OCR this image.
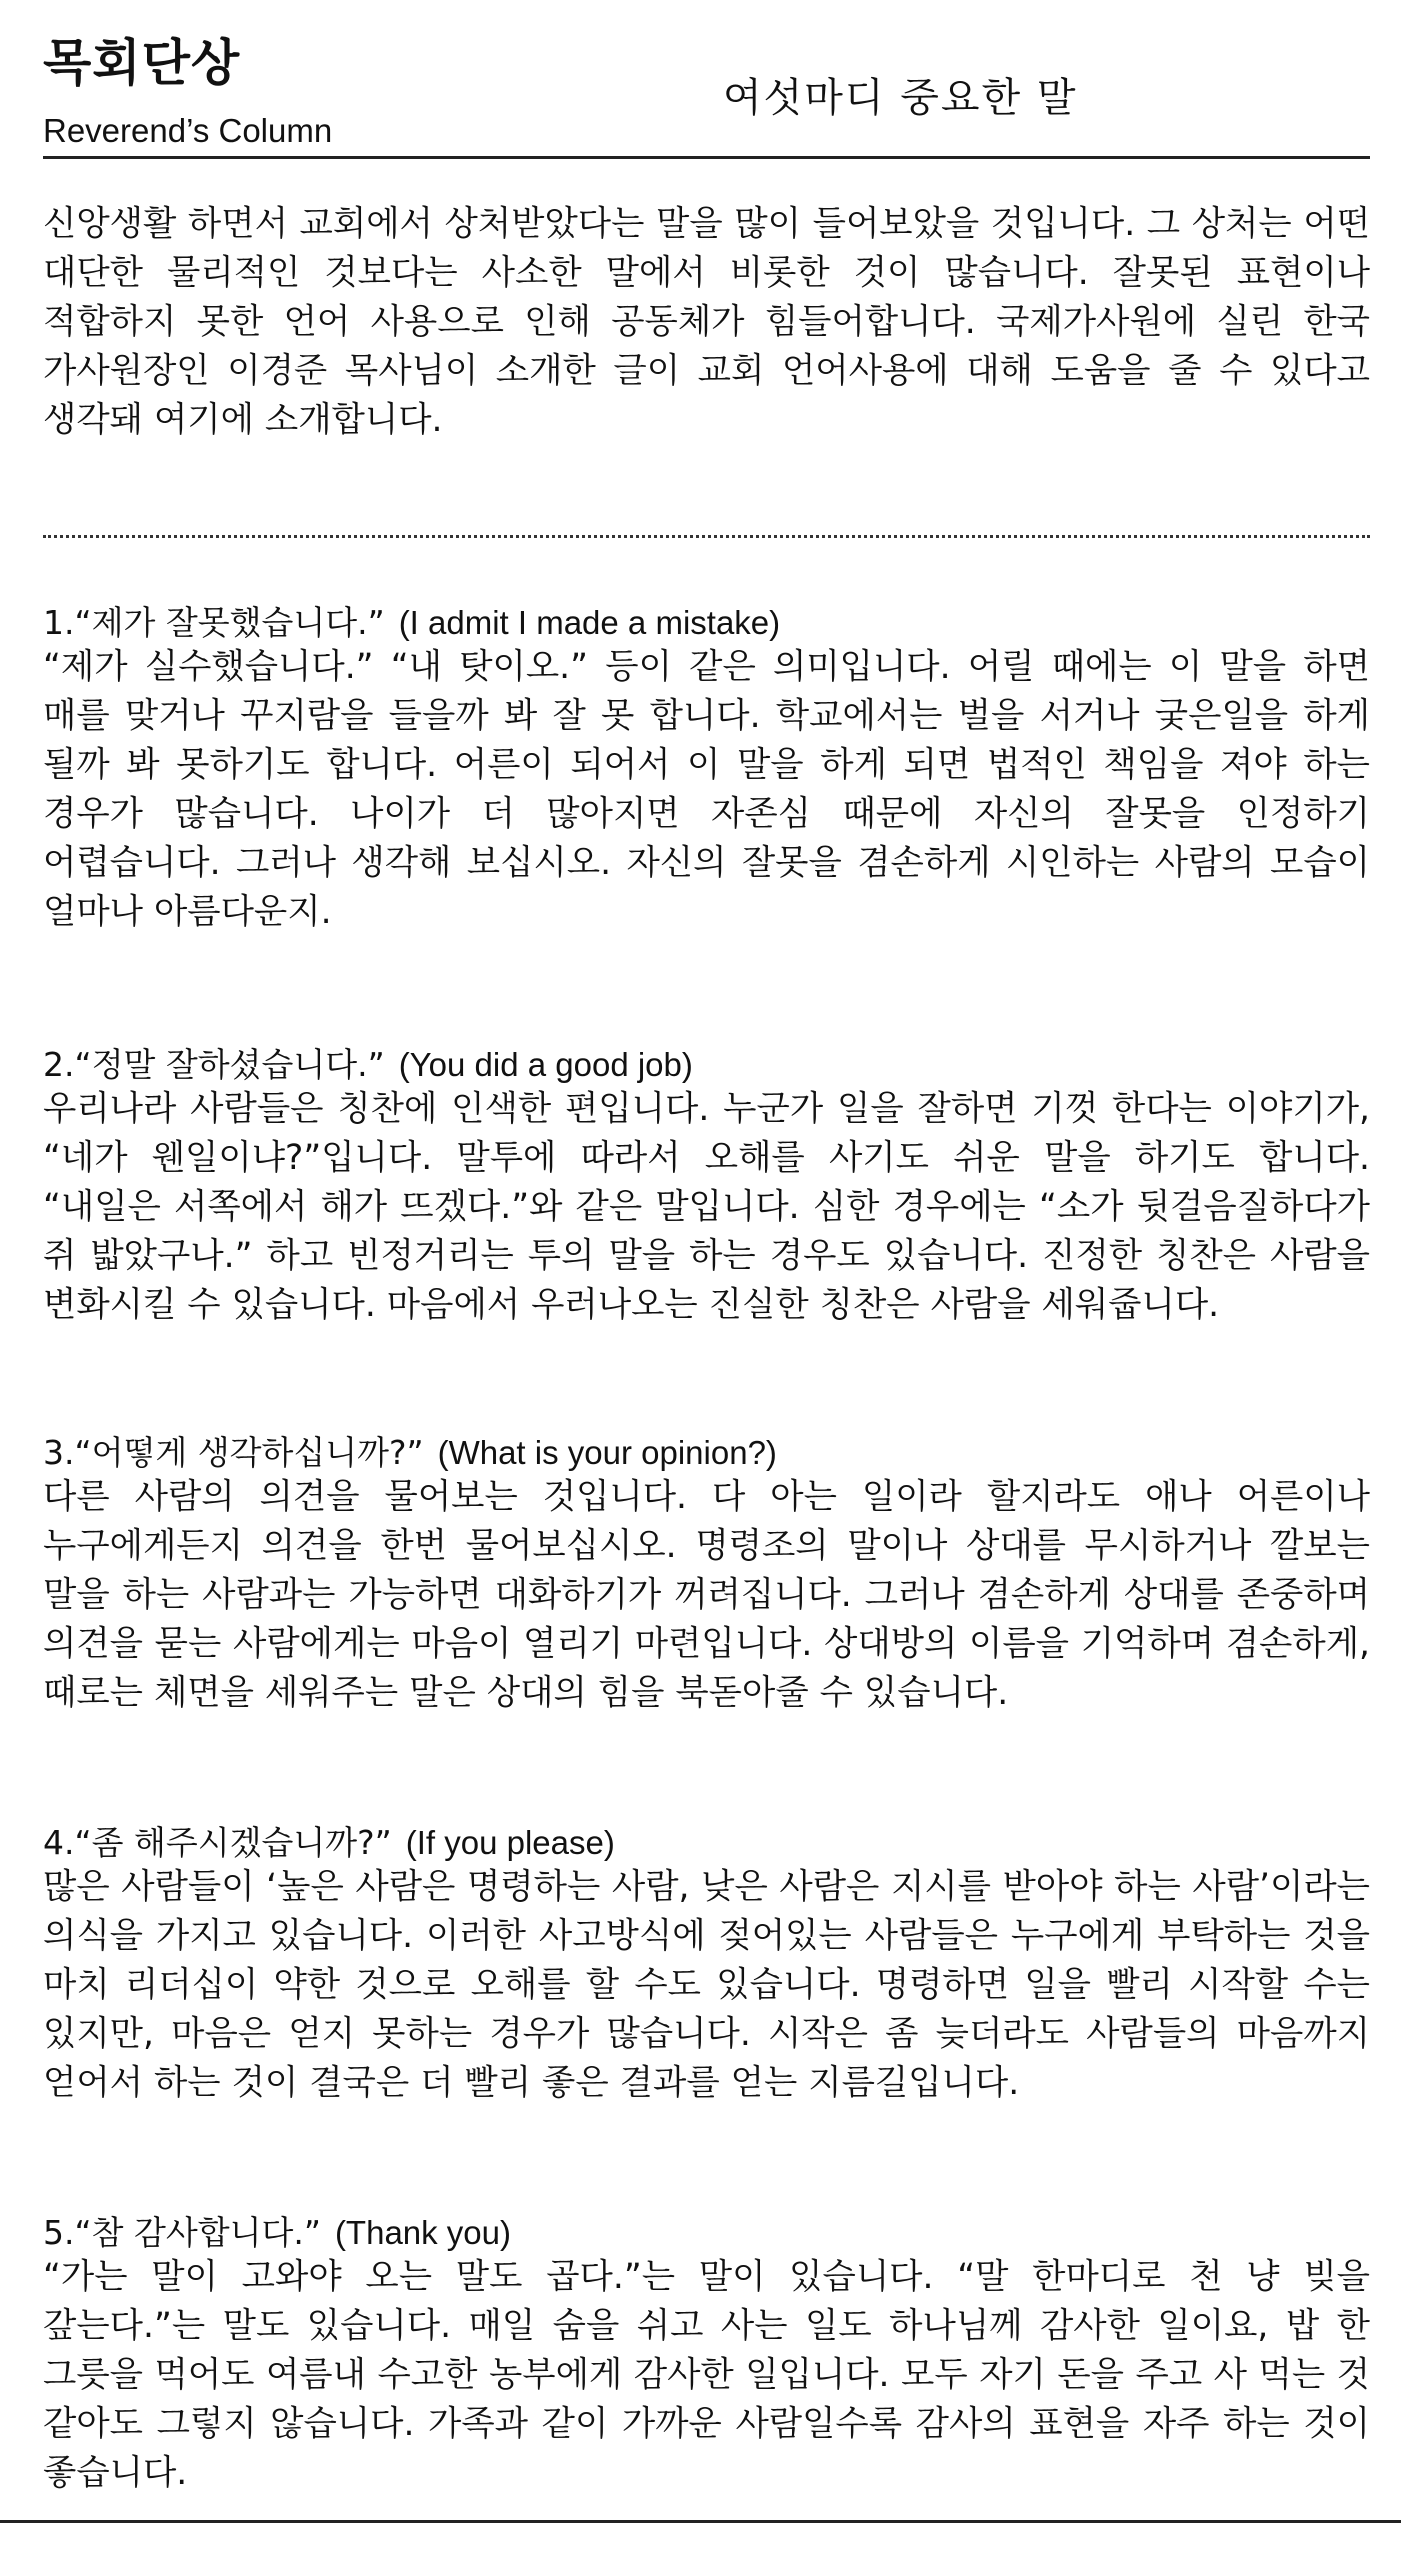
목회단상
Reverend’s Column
여섯마디 중요한 말

신앙생활 하면서 교회에서 상처받았다는 말을 많이 들어보았을 것입니다. 그 상처는 어떤 대단한 물리적인 것보다는 사소한 말에서 비롯한 것이 많습니다. 잘못된 표현이나 적합하지 못한 언어 사용으로 인해 공동체가 힘들어합니다. 국제가사원에 실린 한국 가사원장인 이경준 목사님이 소개한 글이 교회 언어사용에 대해 도움을 줄 수 있다고 생각돼 여기에 소개합니다.

1.“제가 잘못했습니다.” (I admit I made a mistake)
“제가 실수했습니다.” “내 탓이오.” 등이 같은 의미입니다. 어릴 때에는 이 말을 하면 매를 맞거나 꾸지람을 들을까 봐 잘 못 합니다. 학교에서는 벌을 서거나 궂은일을 하게 될까 봐 못하기도 합니다. 어른이 되어서 이 말을 하게 되면 법적인 책임을 져야 하는 경우가 많습니다. 나이가 더 많아지면 자존심 때문에 자신의 잘못을 인정하기 어렵습니다. 그러나 생각해 보십시오. 자신의 잘못을 겸손하게 시인하는 사람의 모습이 얼마나 아름다운지.
2.“정말 잘하셨습니다.” (You did a good job)
우리나라 사람들은 칭찬에 인색한 편입니다. 누군가 일을 잘하면 기껏 한다는 이야기가, “네가 웬일이냐?”입니다. 말투에 따라서 오해를 사기도 쉬운 말을 하기도 합니다. “내일은 서쪽에서 해가 뜨겠다.”와 같은 말입니다. 심한 경우에는 “소가 뒷걸음질하다가 쥐 밟았구나.” 하고 빈정거리는 투의 말을 하는 경우도 있습니다. 진정한 칭찬은 사람을 변화시킬 수 있습니다. 마음에서 우러나오는 진실한 칭찬은 사람을 세워줍니다.
3.“어떻게 생각하십니까?” (What is your opinion?)
다른 사람의 의견을 물어보는 것입니다. 다 아는 일이라 할지라도 애나 어른이나 누구에게든지 의견을 한번 물어보십시오. 명령조의 말이나 상대를 무시하거나 깔보는 말을 하는 사람과는 가능하면 대화하기가 꺼려집니다. 그러나 겸손하게 상대를 존중하며 의견을 묻는 사람에게는 마음이 열리기 마련입니다. 상대방의 이름을 기억하며 겸손하게, 때로는 체면을 세워주는 말은 상대의 힘을 북돋아줄 수 있습니다.
4.“좀 해주시겠습니까?” (If you please)
많은 사람들이 ‘높은 사람은 명령하는 사람, 낮은 사람은 지시를 받아야 하는 사람’이라는 의식을 가지고 있습니다. 이러한 사고방식에 젖어있는 사람들은 누구에게 부탁하는 것을 마치 리더십이 약한 것으로 오해를 할 수도 있습니다. 명령하면 일을 빨리 시작할 수는 있지만, 마음은 얻지 못하는 경우가 많습니다. 시작은 좀 늦더라도 사람들의 마음까지 얻어서 하는 것이 결국은 더 빨리 좋은 결과를 얻는 지름길입니다.
5.“참 감사합니다.” (Thank you)
“가는 말이 고와야 오는 말도 곱다.”는 말이 있습니다. “말 한마디로 천 냥 빚을 갚는다.”는 말도 있습니다. 매일 숨을 쉬고 사는 일도 하나님께 감사한 일이요, 밥 한 그릇을 먹어도 여름내 수고한 농부에게 감사한 일입니다. 모두 자기 돈을 주고 사 먹는 것 같아도 그렇지 않습니다. 가족과 같이 가까운 사람일수록 감사의 표현을 자주 하는 것이 좋습니다.
